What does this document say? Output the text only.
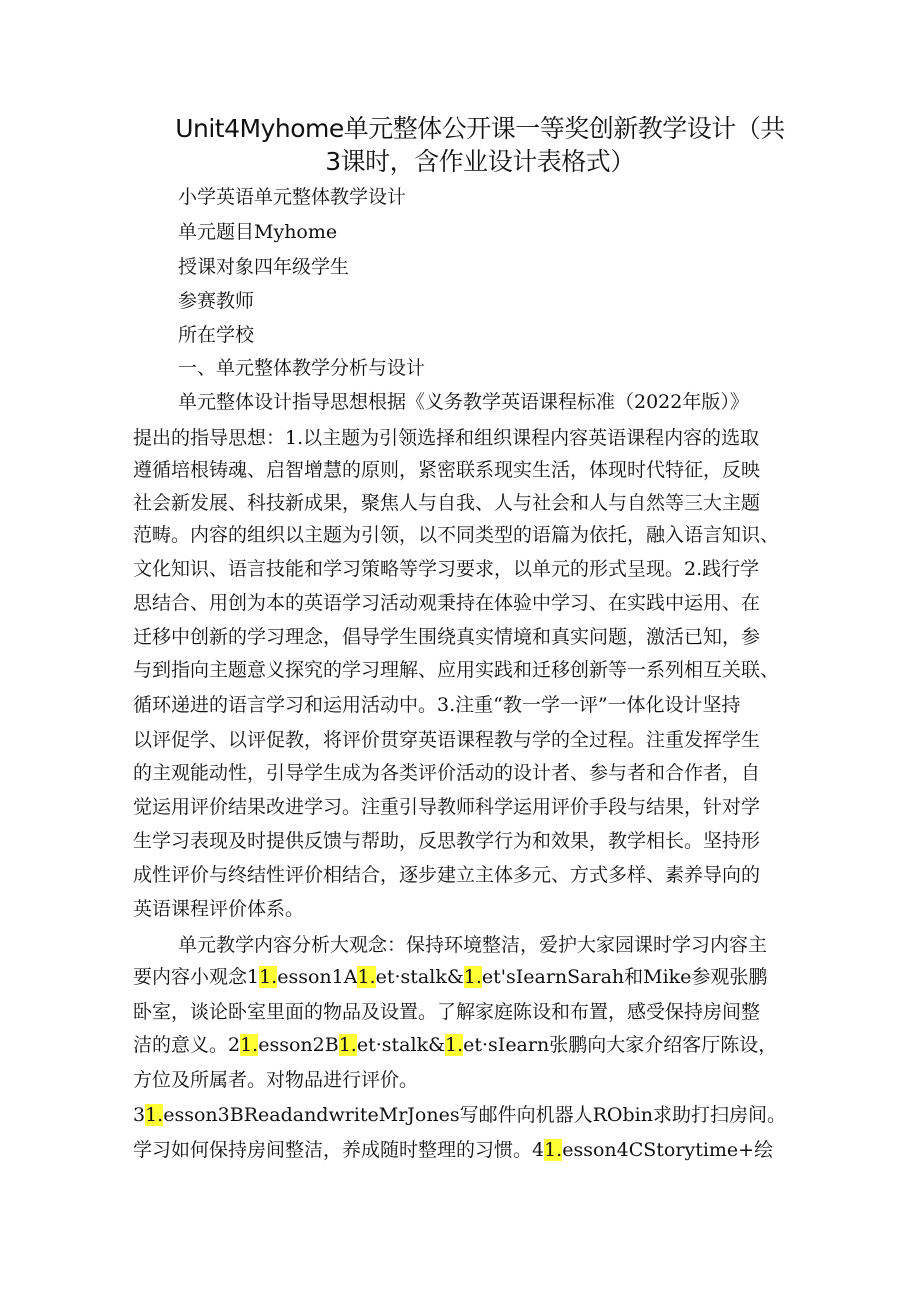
Unit4Myhome单元整体公开课一等奖创新教学设计（共
3课时，含作业设计表格式）
小学英语单元整体教学设计
单元题目Myhome
授课对象四年级学生
参赛教师
所在学校
一、单元整体教学分析与设计
单元整体设计指导思想根据《义务教学英语课程标准（2022年版）》
提出的指导思想：1.以主题为引领选择和组织课程内容英语课程内容的选取
遵循培根铸魂、启智增慧的原则，紧密联系现实生活，体现时代特征，反映
社会新发展、科技新成果，聚焦人与自我、人与社会和人与自然等三大主题
范畴。内容的组织以主题为引领，以不同类型的语篇为依托，融入语言知识、
文化知识、语言技能和学习策略等学习要求，以单元的形式呈现。2.践行学
思结合、用创为本的英语学习活动观秉持在体验中学习、在实践中运用、在
迁移中创新的学习理念，倡导学生围绕真实情境和真实问题，激活已知，参
与到指向主题意义探究的学习理解、应用实践和迁移创新等一系列相互关联、
循环递进的语言学习和运用活动中。3.注重“教一学一评”一体化设计坚持
以评促学、以评促教，将评价贯穿英语课程教与学的全过程。注重发挥学生
的主观能动性，引导学生成为各类评价活动的设计者、参与者和合作者，自
觉运用评价结果改进学习。注重引导教师科学运用评价手段与结果，针对学
生学习表现及时提供反馈与帮助，反思教学行为和效果，教学相长。坚持形
成性评价与终结性评价相结合，逐步建立主体多元、方式多样、素养导向的
英语课程评价体系。
单元教学内容分析大观念：保持环境整洁，爱护大家园课时学习内容主
要内容小观念11.esson1A1.et·stalk&1.et'sIearnSarah和Mike参观张鹏
卧室，谈论卧室里面的物品及设置。了解家庭陈设和布置，感受保持房间整
洁的意义。21.esson2B1.et·stalk&1.et·sIearn张鹏向大家介绍客厅陈设，
方位及所属者。对物品进行评价。
31.esson3BReadandwriteMrJones写邮件向机器人RObin求助打扫房间。
学习如何保持房间整洁，养成随时整理的习惯。41.esson4CStorytime+绘
